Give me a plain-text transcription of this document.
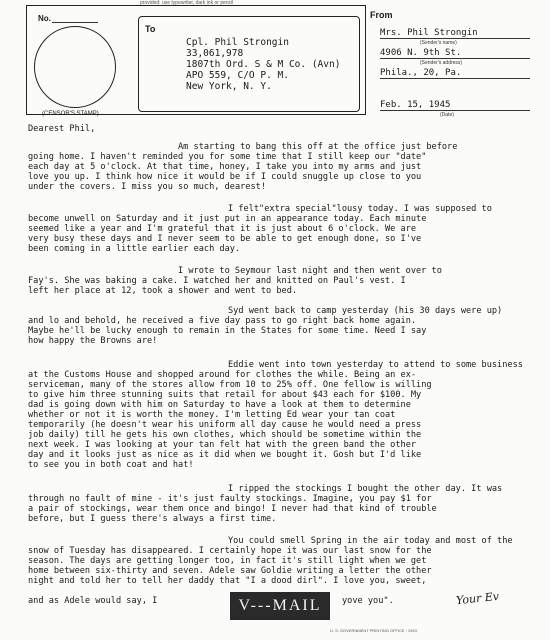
provided: use typewriter, dark ink or pencil
No.
(CENSOR'S STAMP)
To
Cpl. Phil Strongin
33,061,978
1807th Ord. S & M Co. (Avn)
APO 559, C/O P. M.
New York, N. Y.
From
Mrs. Phil Strongin
(Sender's name)
4906 N. 9th St.
(Sender's address)
Phila., 20, Pa.
Feb. 15, 1945
(Date)
Dearest Phil,
Am starting to bang this off at the office just before
going home. I haven't reminded you for some time that I still keep our "date"
each day at 5 o'clock. At that time, honey, I take you into my arms and just
love you up. I think how nice it would be if I could snuggle up close to you
under the covers. I miss you so much, dearest!
I felt"extra special"lousy today. I was supposed to
become unwell on Saturday and it just put in an appearance today. Each minute
seemed like a year and I'm grateful that it is just about 6 o'clock. We are
very busy these days and I never seem to be able to get enough done, so I've
been coming in a little earlier each day.
I wrote to Seymour last night and then went over to
Fay's. She was baking a cake. I watched her and knitted on Paul's vest. I
left her place at 12, took a shower and went to bed.
Syd went back to camp yesterday (his 30 days were up)
and lo and behold, he received a five day pass to go right back home again.
Maybe he'll be lucky enough to remain in the States for some time. Need I say
how happy the Browns are!
Eddie went into town yesterday to attend to some business
at the Customs House and shopped around for clothes the while. Being an ex-
serviceman, many of the stores allow from 10 to 25% off. One fellow is willing
to give him three stunning suits that retail for about $43 each for $100. My
dad is going down with him on Saturday to have a look at them to determine
whether or not it is worth the money. I'm letting Ed wear your tan coat
temporarily (he doesn't wear his uniform all day cause he would need a press
job daily) till he gets his own clothes, which should be sometime within the
next week. I was looking at your tan felt hat with the green band the other
day and it looks just as nice as it did when we bought it. Gosh but I'd like
to see you in both coat and hat!
I ripped the stockings I bought the other day. It was
through no fault of mine - it's just faulty stockings. Imagine, you pay $1 for
a pair of stockings, wear them once and bingo! I never had that kind of trouble
before, but I guess there's always a first time.
You could smell Spring in the air today and most of the
snow of Tuesday has disappeared. I certainly hope it was our last snow for the
season. The days are getting longer too, in fact it's still light when we get
home between six-thirty and seven. Adele saw Goldie writing a letter the other
night and told her to tell her daddy that "I a dood dirl". I love you, sweet,
and as Adele would say, I	yove you".
V---MAIL	Your Ev
U. S. GOVERNMENT PRINTING OFFICE : 1943
